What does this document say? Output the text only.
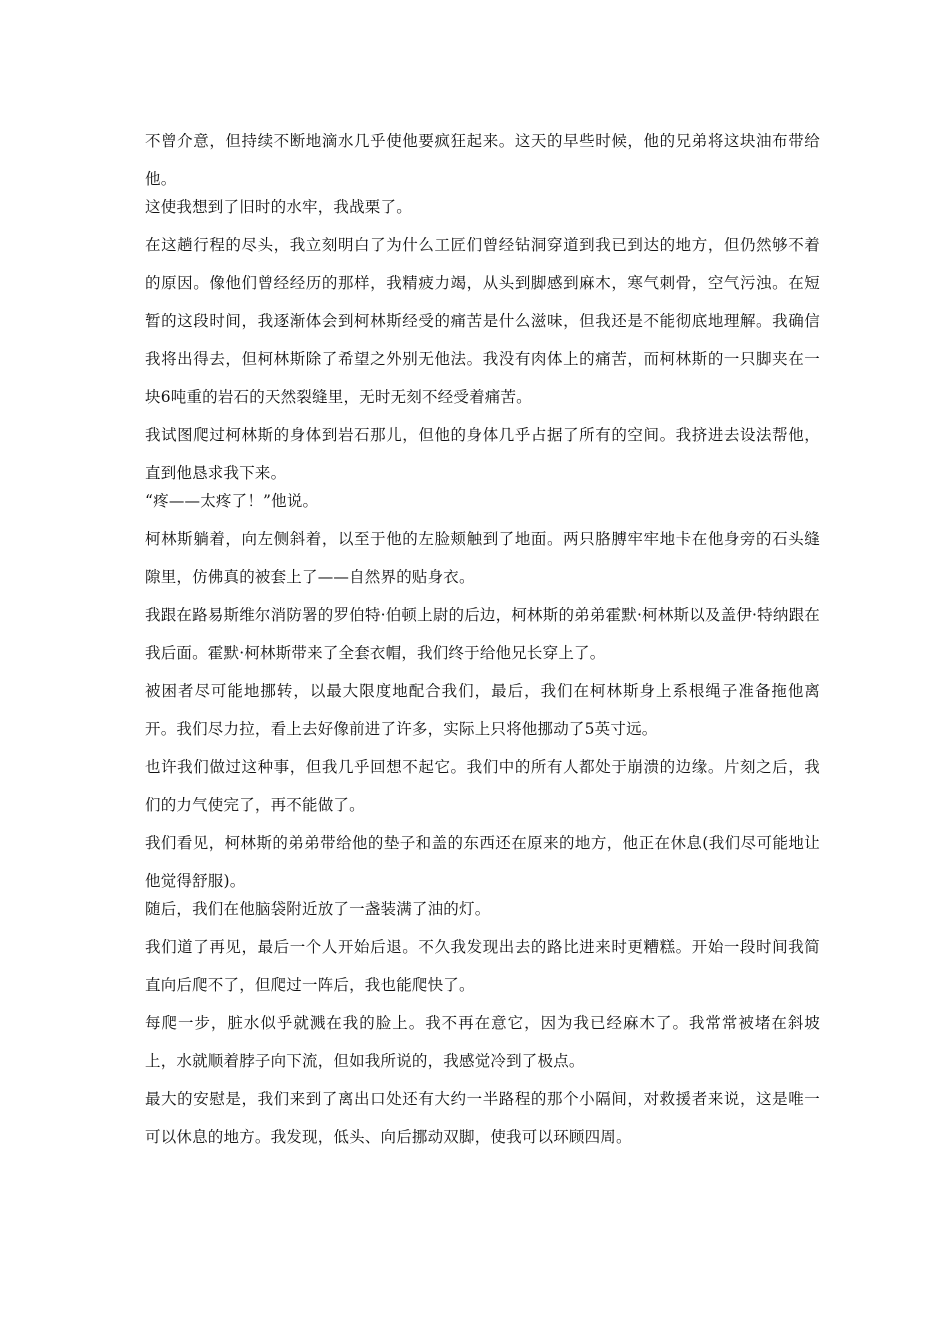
不曾介意，但持续不断地滴水几乎使他要疯狂起来。这天的早些时候，他的兄弟将这块油布带给他。

这使我想到了旧时的水牢，我战栗了。

在这趟行程的尽头，我立刻明白了为什么工匠们曾经钻洞穿道到我已到达的地方，但仍然够不着的原因。像他们曾经经历的那样，我精疲力竭，从头到脚感到麻木，寒气刺骨，空气污浊。在短暂的这段时间，我逐渐体会到柯林斯经受的痛苦是什么滋味，但我还是不能彻底地理解。我确信我将出得去，但柯林斯除了希望之外别无他法。我没有肉体上的痛苦，而柯林斯的一只脚夹在一块6吨重的岩石的天然裂缝里，无时无刻不经受着痛苦。

我试图爬过柯林斯的身体到岩石那儿，但他的身体几乎占据了所有的空间。我挤进去设法帮他，直到他恳求我下来。

“疼——太疼了！”他说。

柯林斯躺着，向左侧斜着，以至于他的左脸颊触到了地面。两只胳膊牢牢地卡在他身旁的石头缝隙里，仿佛真的被套上了——自然界的贴身衣。

我跟在路易斯维尔消防署的罗伯特·伯顿上尉的后边，柯林斯的弟弟霍默·柯林斯以及盖伊·特纳跟在我后面。霍默·柯林斯带来了全套衣帽，我们终于给他兄长穿上了。

被困者尽可能地挪转，以最大限度地配合我们，最后，我们在柯林斯身上系根绳子准备拖他离开。我们尽力拉，看上去好像前进了许多，实际上只将他挪动了5英寸远。

也许我们做过这种事，但我几乎回想不起它。我们中的所有人都处于崩溃的边缘。片刻之后，我们的力气使完了，再不能做了。

我们看见，柯林斯的弟弟带给他的垫子和盖的东西还在原来的地方，他正在休息(我们尽可能地让他觉得舒服)。

随后，我们在他脑袋附近放了一盏装满了油的灯。

我们道了再见，最后一个人开始后退。不久我发现出去的路比进来时更糟糕。开始一段时间我简直向后爬不了，但爬过一阵后，我也能爬快了。

每爬一步，脏水似乎就溅在我的脸上。我不再在意它，因为我已经麻木了。我常常被堵在斜坡上，水就顺着脖子向下流，但如我所说的，我感觉冷到了极点。

最大的安慰是，我们来到了离出口处还有大约一半路程的那个小隔间，对救援者来说，这是唯一可以休息的地方。我发现，低头、向后挪动双脚，使我可以环顾四周。
